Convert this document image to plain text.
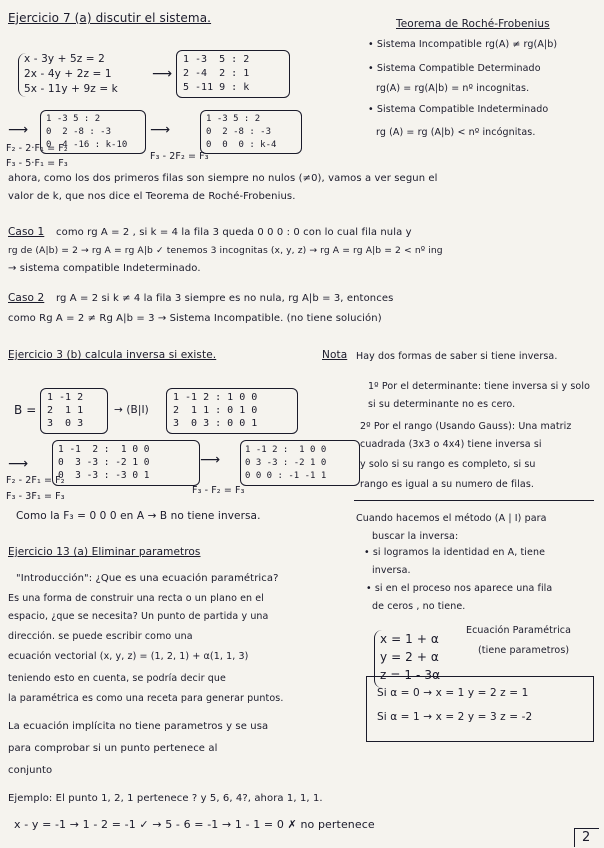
Ejercicio 7 (a) discutir el sistema.
x - 3y + 5z = 2
2x - 4y + 2z = 1
5x - 11y + 9z = k
⟶
1 -3  5 : 2
2 -4  2 : 1
5 -11 9 : k
⟶
1 -3 5 : 2
0  2 -8 : -3
0  4 -16 : k-10
⟶
1 -3 5 : 2
0  2 -8 : -3
0  0  0 : k-4
F₂ - 2·F₁ = F₂
F₃ - 5·F₁ = F₃
F₃ - 2F₂ = F₃
Teorema de Roché-Frobenius
• Sistema Incompatible rg(A) ≠ rg(A|b)
• Sistema Compatible Determinado
rg(A) = rg(A|b) = nº incognitas.
• Sistema Compatible Indeterminado
rg (A) = rg (A|b) < nº incógnitas.
ahora, como los dos primeros filas son siempre no nulos (≠0), vamos a ver segun el
valor de k, que nos dice el Teorema de Roché-Frobenius.
Caso 1 como rg A = 2 , si k = 4 la fila 3 queda 0 0 0 : 0 con lo cual fila nula y
rg de (A|b) = 2 → rg A = rg A|b ✓ tenemos 3 incognitas (x, y, z) → rg A = rg A|b = 2 < nº ing
→ sistema compatible Indeterminado.
Caso 2 rg A = 2 si k ≠ 4 la fila 3 siempre es no nula, rg A|b = 3, entonces
como Rg A = 2 ≠ Rg A|b = 3 → Sistema Incompatible. (no tiene solución)
Ejercicio 3 (b) calcula inversa si existe.	Nota Hay dos formas de saber si tiene inversa.
B =
1 -1 2
2  1 1
3  0 3
→ (B|I)
1 -1 2 : 1 0 0
2  1 1 : 0 1 0
3  0 3 : 0 0 1
⟶
1 -1  2 :  1 0 0
0  3 -3 : -2 1 0
0  3 -3 : -3 0 1
⟶
1 -1 2 :  1 0 0
0 3 -3 : -2 1 0
0 0 0 : -1 -1 1
F₂ - 2F₁ = F₂
F₃ - 3F₁ = F₃
F₃ - F₂ = F₃
Como la F₃ = 0 0 0 en A → B no tiene inversa.
1º Por el determinante: tiene inversa si y solo
si su determinante no es cero.
2º Por el rango (Usando Gauss): Una matriz
cuadrada (3x3 o 4x4) tiene inversa si
y solo si su rango es completo, si su
rango es igual a su numero de filas.
Cuando hacemos el método (A | I) para
buscar la inversa:
• si logramos la identidad en A, tiene
inversa.
• si en el proceso nos aparece una fila
de ceros , no tiene.
Ejercicio 13 (a) Eliminar parametros
"Introducción": ¿Que es una ecuación paramétrica?
Es una forma de construir una recta o un plano en el
espacio, ¿que se necesita? Un punto de partida y una
dirección. se puede escribir como una
ecuación vectorial (x, y, z) = (1, 2, 1) + α(1, 1, 3)
teniendo esto en cuenta, se podría decir que
la paramétrica es como una receta para generar puntos.
La ecuación implícita no tiene parametros y se usa
para comprobar si un punto pertenece al
conjunto
Ecuación Paramétrica
(tiene parametros)
x = 1 + α
y = 2 + α
z = 1 - 3α
Si α = 0 → x = 1 y = 2 z = 1
Si α = 1 → x = 2 y = 3 z = -2
Ejemplo: El punto 1, 2, 1 pertenece ? y 5, 6, 4?, ahora 1, 1, 1.
x - y = -1 → 1 - 2 = -1 ✓ → 5 - 6 = -1 → 1 - 1 = 0 ✗ no pertenece
2
